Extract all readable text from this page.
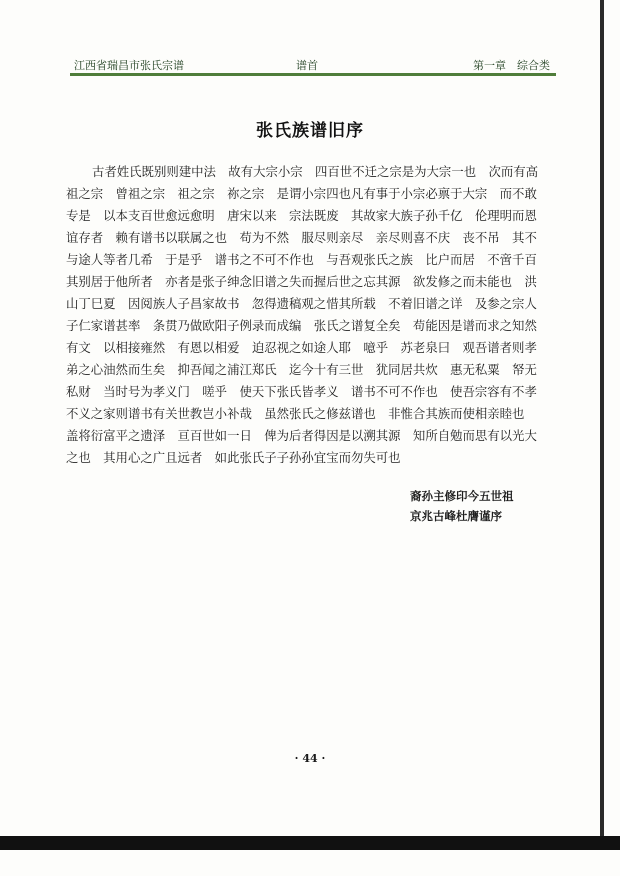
江西省瑞昌市张氏宗谱	谱首	第一章　综合类
张氏族谱旧序

古者姓氏既别则建中法　故有大宗小宗　四百世不迁之宗是为大宗一也　次而有高
祖之宗　曾祖之宗　祖之宗　祢之宗　是谓小宗四也凡有事于小宗必禀于大宗　而不敢
专是　以本支百世愈远愈明　唐宋以来　宗法既废　其故家大族子孙千亿　伦理明而恩
谊存者　赖有谱书以联属之也　苟为不然　服尽则亲尽　亲尽则喜不庆　丧不吊　其不
与途人等者几希　于是乎　谱书之不可不作也　与吾观张氏之族　比户而居　不啻千百
其别居于他所者　亦者是张子绅念旧谱之失而握后世之忘其源　欲发修之而未能也　洪
山丁巳夏　因阅族人子昌家故书　忽得遗稿观之惜其所载　不着旧谱之详　及参之宗人
子仁家谱甚率　条贯乃做欧阳子例录而成编　张氏之谱复全矣　苟能因是谱而求之知然
有文　以相接雍然　有恩以相爱　迫忍视之如途人耶　噫乎　苏老泉曰　观吾谱者则孝
弟之心油然而生矣　抑吾闻之浦江郑氏　迄今十有三世　犹同居共炊　惠无私粟　帑无
私财　当时号为孝义门　嗟乎　使天下张氏皆孝义　谱书不可不作也　使吾宗容有不孝
不义之家则谱书有关世教岂小补哉　虽然张氏之修兹谱也　非惟合其族而使相亲睦也
盖将衍富平之遗泽　亘百世如一日　俾为后者得因是以溯其源　知所自勉而思有以光大
之也　其用心之广且远者　如此张氏子子孙孙宜宝而勿失可也

裔孙主修印今五世祖
京兆古峰杜膺谨序
· 44 ·
